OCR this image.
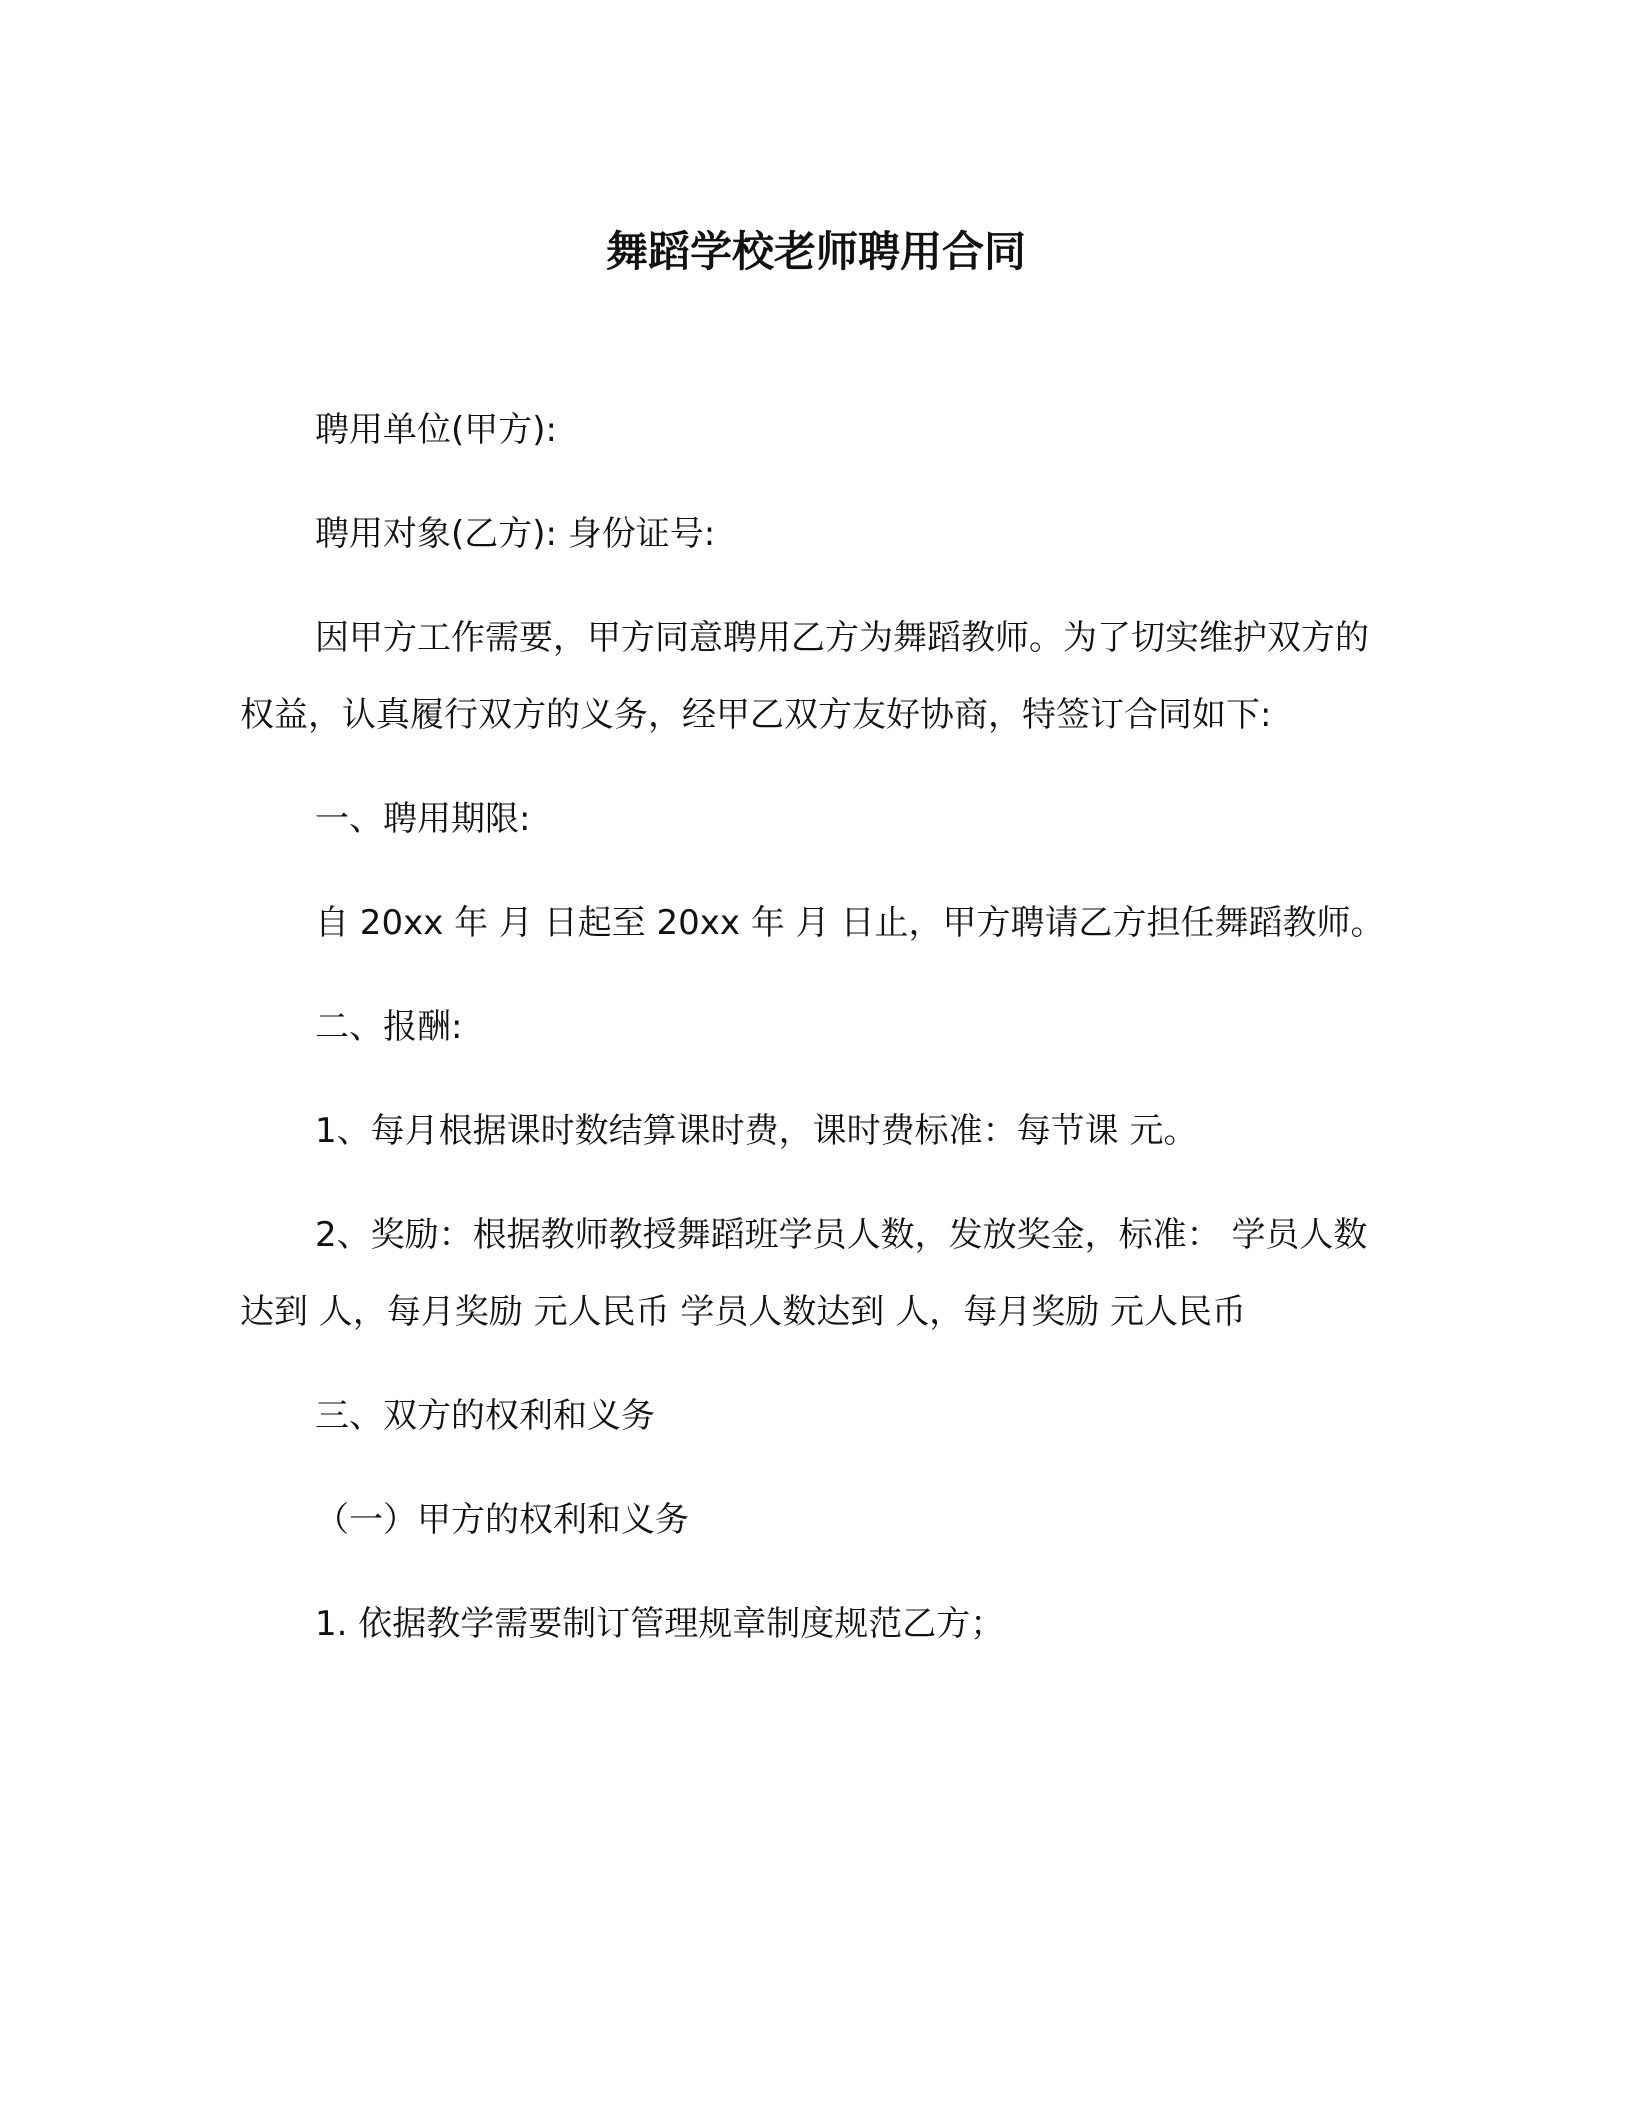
舞蹈学校老师聘用合同

聘用单位(甲方):

聘用对象(乙方): 身份证号:

因甲方工作需要，甲方同意聘用乙方为舞蹈教师。为了切实维护双方的权益，认真履行双方的义务，经甲乙双方友好协商，特签订合同如下:

一、聘用期限:

自 20xx 年 月 日起至 20xx 年 月 日止，甲方聘请乙方担任舞蹈教师。

二、报酬:

1、每月根据课时数结算课时费，课时费标准：每节课 元。

2、奖励：根据教师教授舞蹈班学员人数，发放奖金，标准： 学员人数达到 人，每月奖励 元人民币 学员人数达到 人，每月奖励 元人民币

三、双方的权利和义务

（一）甲方的权利和义务

1. 依据教学需要制订管理规章制度规范乙方；
